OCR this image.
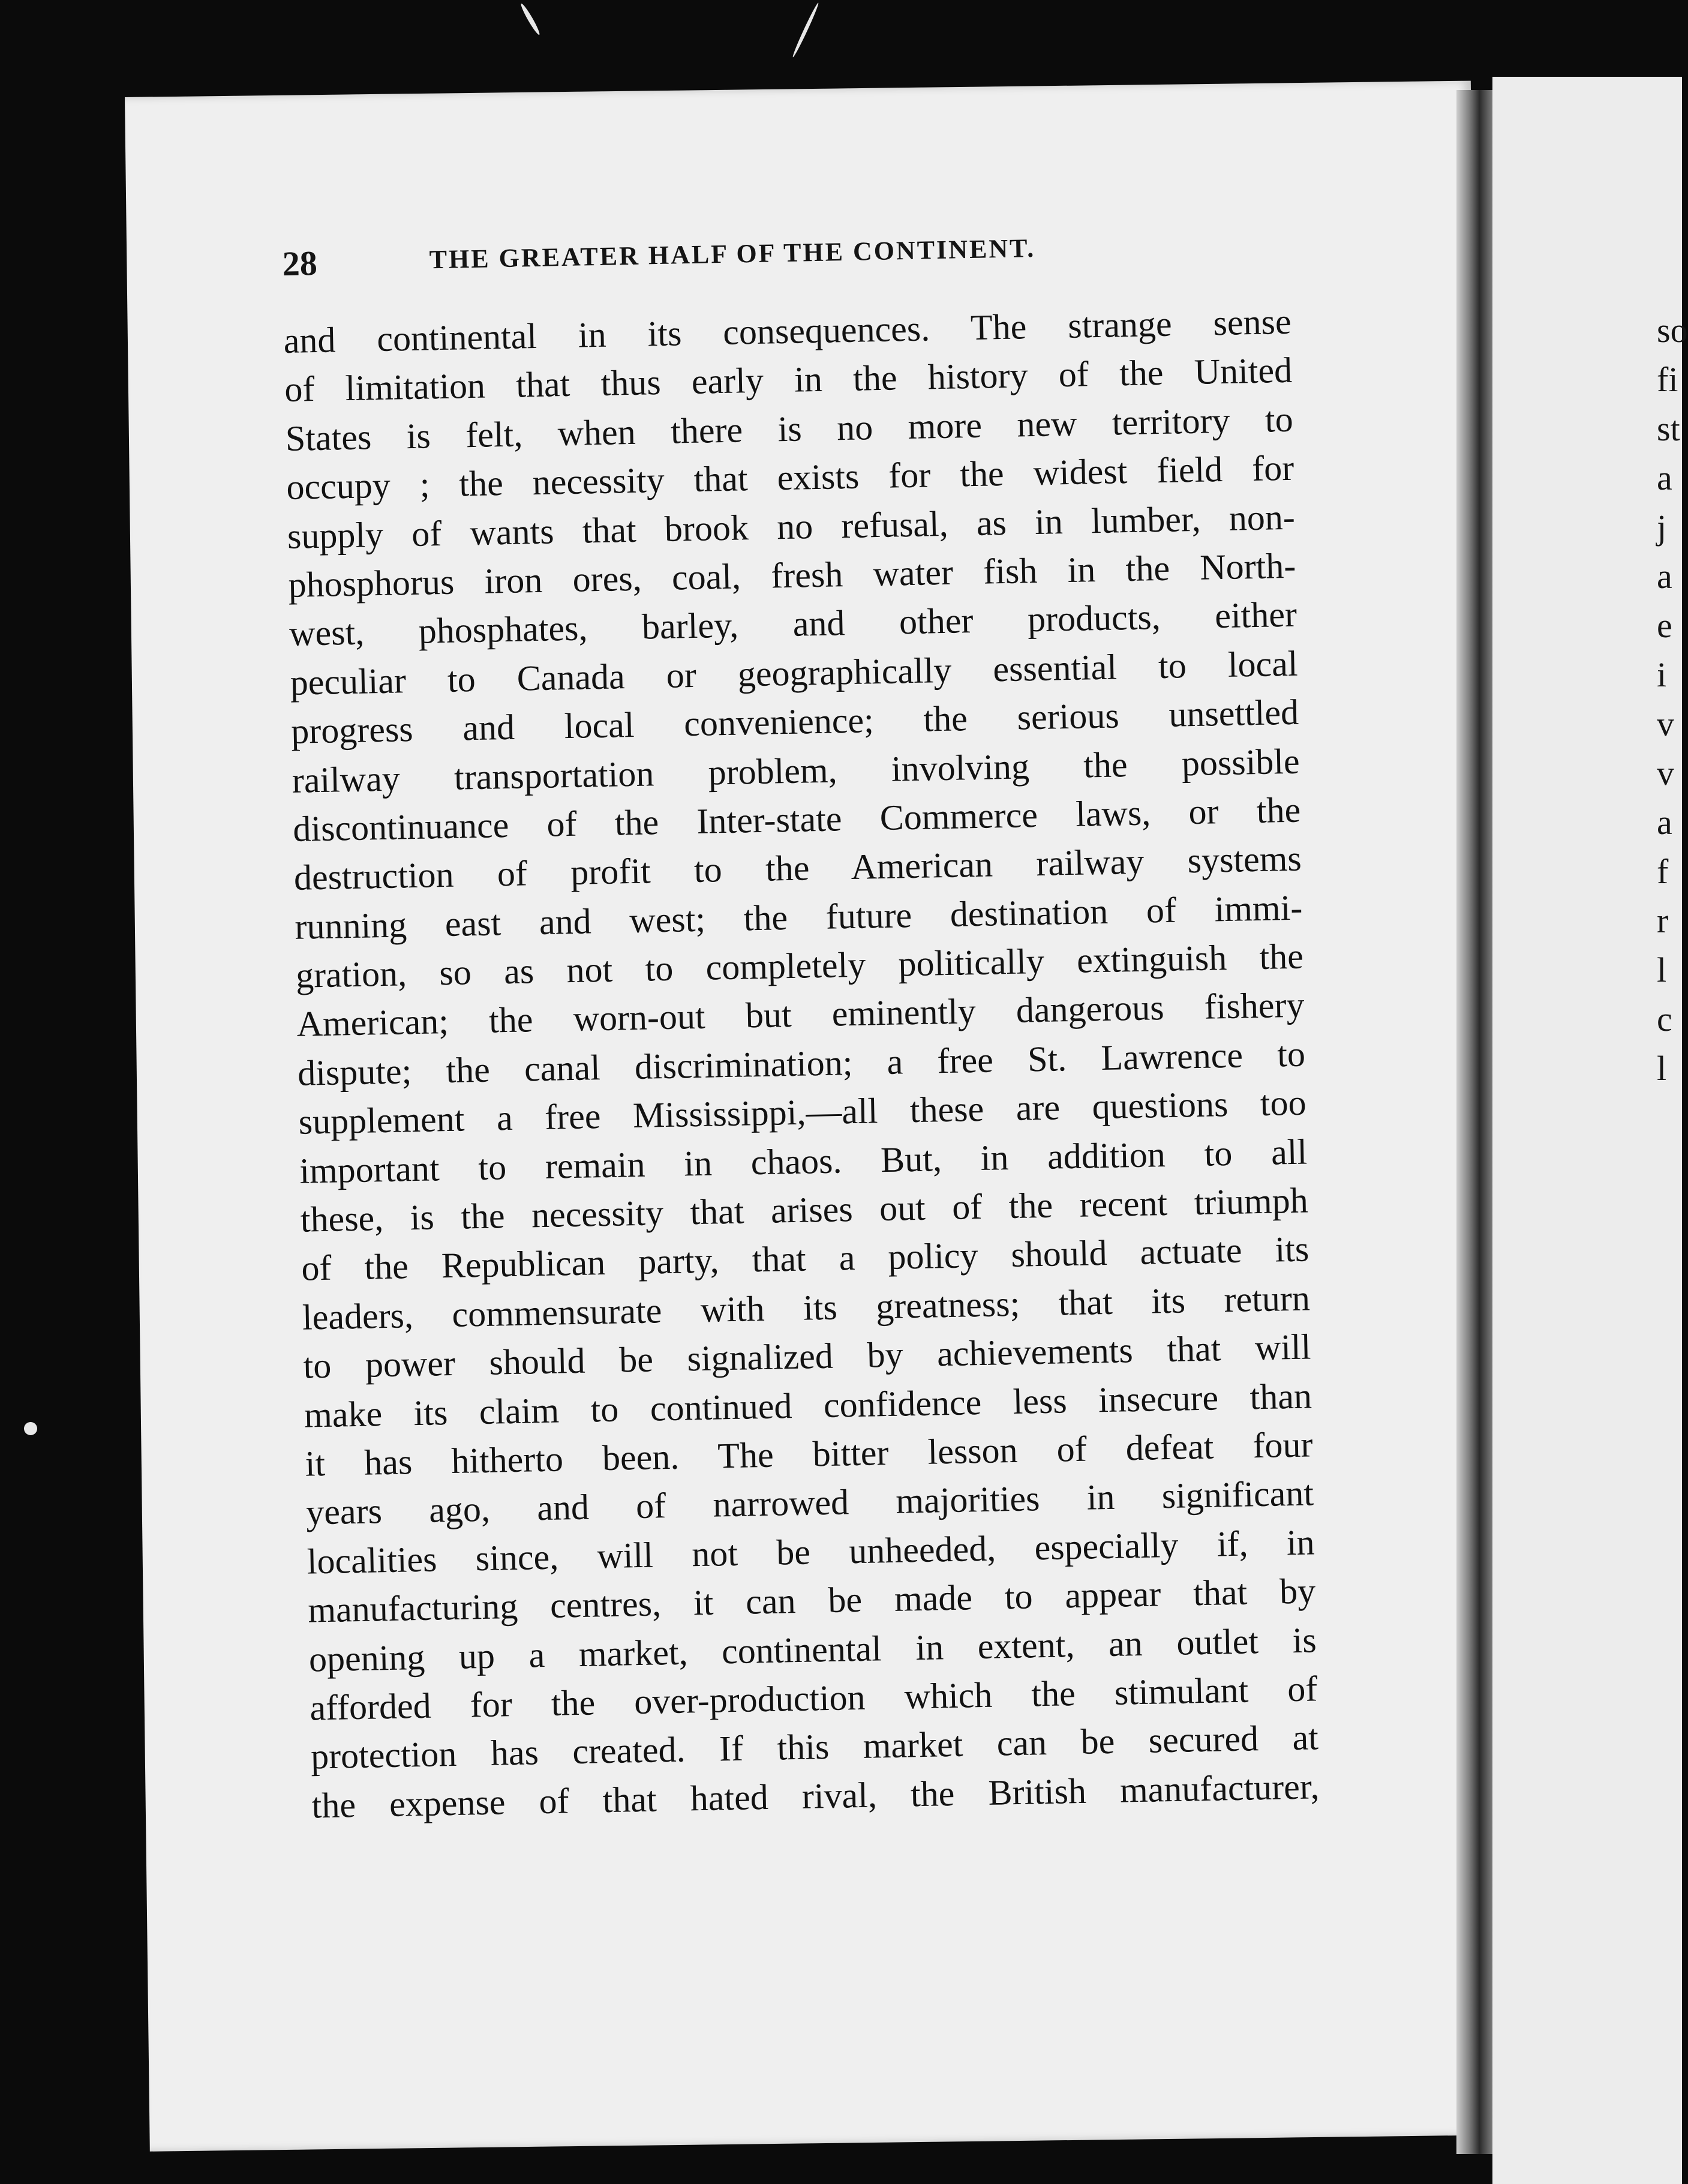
28	THE GREATER HALF OF THE CONTINENT.
and continental in its consequences. The strange sense
of limitation that thus early in the history of the United
States is felt, when there is no more new territory to
occupy ; the necessity that exists for the widest field for
supply of wants that brook no refusal, as in lumber, non-
phosphorus iron ores, coal, fresh water fish in the North-
west, phosphates, barley, and other products, either
peculiar to Canada or geographically essential to local
progress and local convenience; the serious unsettled
railway transportation problem, involving the possible
discontinuance of the Inter-state Commerce laws, or the
destruction of profit to the American railway systems
running east and west; the future destination of immi-
gration, so as not to completely politically extinguish the
American; the worn-out but eminently dangerous fishery
dispute; the canal discrimination; a free St. Lawrence to
supplement a free Mississippi,—all these are questions too
important to remain in chaos. But, in addition to all
these, is the necessity that arises out of the recent triumph
of the Republican party, that a policy should actuate its
leaders, commensurate with its greatness; that its return
to power should be signalized by achievements that will
make its claim to continued confidence less insecure than
it has hitherto been. The bitter lesson of defeat four
years ago, and of narrowed majorities in significant
localities since, will not be unheeded, especially if, in
manufacturing centres, it can be made to appear that by
opening up a market, continental in extent, an outlet is
afforded for the over-production which the stimulant of
protection has created. If this market can be secured at
the expense of that hated rival, the British manufacturer,
so
fi
st
a
j
a
e
i
v
v
a
f
r
l
c
l
